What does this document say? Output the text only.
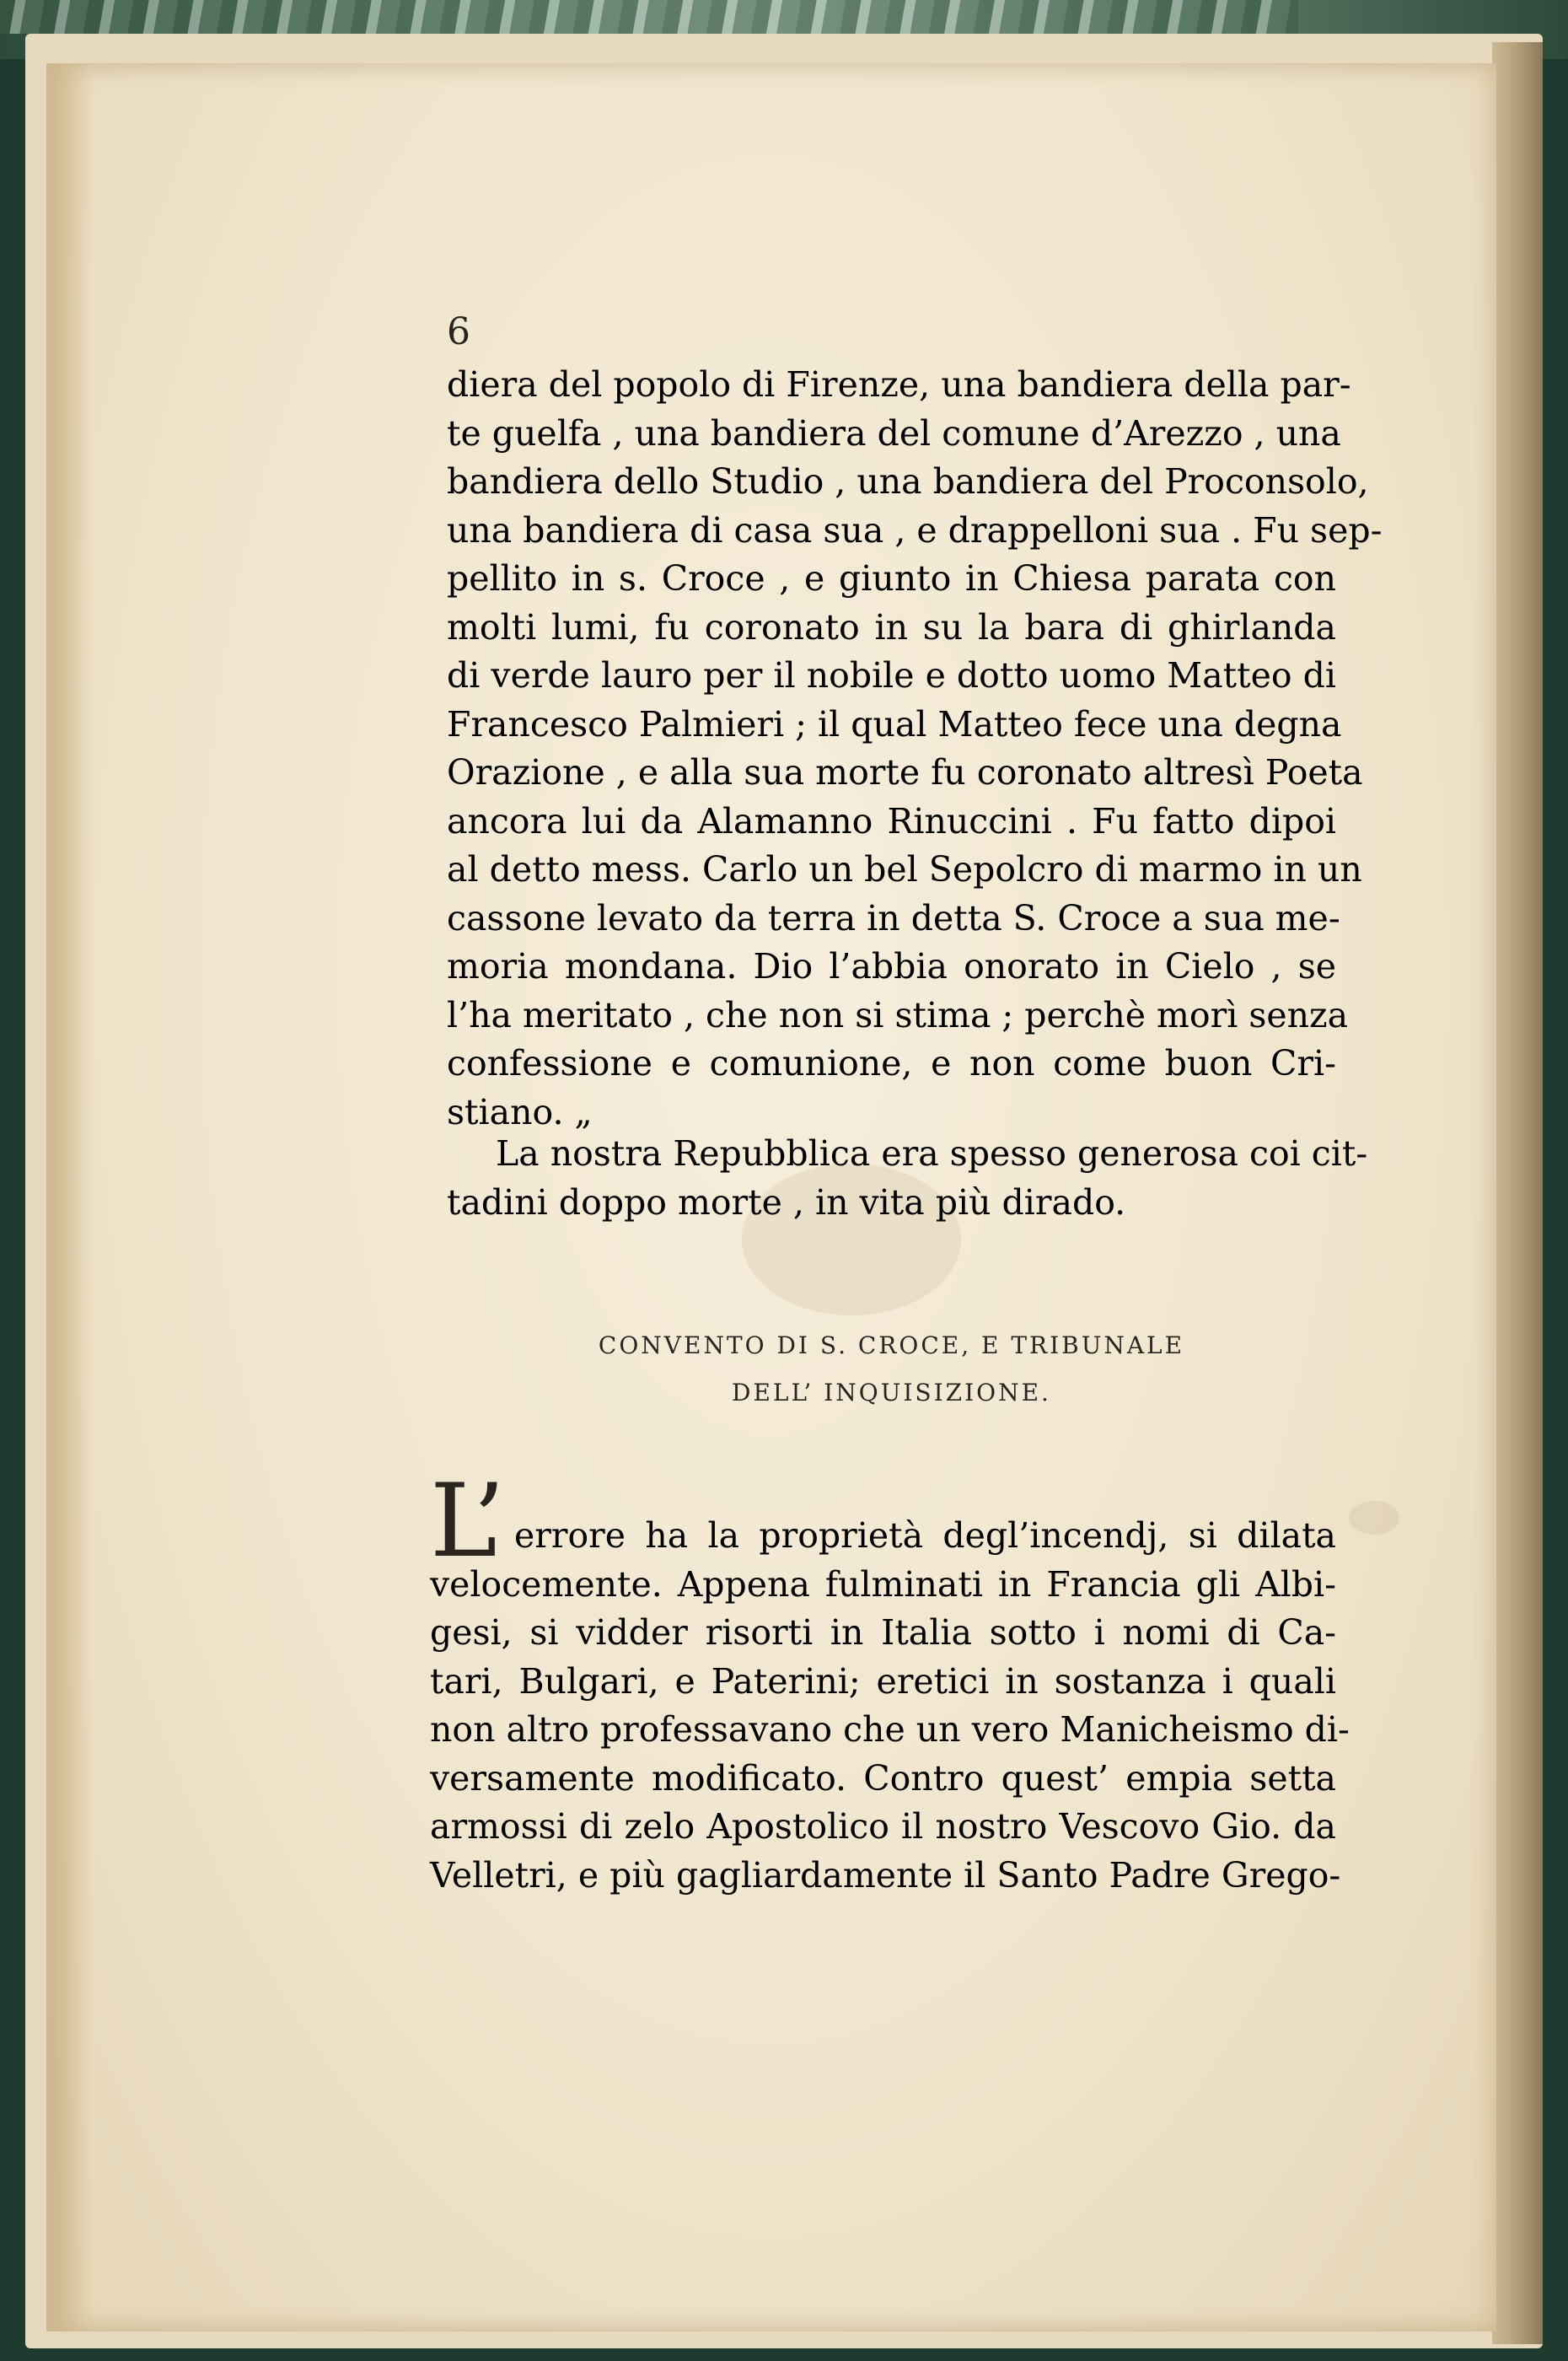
6
diera del popolo di Firenze, una bandiera della par-
te guelfa , una bandiera del comune d’Arezzo , una
bandiera dello Studio , una bandiera del Proconsolo,
una bandiera di casa sua , e drappelloni sua . Fu sep-
pellito in s. Croce , e giunto in Chiesa parata con
molti lumi, fu coronato in su la bara di ghirlanda
di verde lauro per il nobile e dotto uomo Matteo di
Francesco Palmieri ; il qual Matteo fece una degna
Orazione , e alla sua morte fu coronato altresì Poeta
ancora lui da Alamanno Rinuccini . Fu fatto dipoi
al detto mess. Carlo un bel Sepolcro di marmo in un
cassone levato da terra in detta S. Croce a sua me-
moria mondana. Dio l’abbia onorato in Cielo , se
l’ha meritato , che non si stima ; perchè morì senza
confessione e comunione, e non come buon Cri-
stiano. „
La nostra Repubblica era spesso generosa coi cit-
tadini doppo morte , in vita più dirado.
CONVENTO DI S. CROCE, E TRIBUNALE
DELL’ INQUISIZIONE.
L’ errore ha la proprietà degl’incendj, si dilata
velocemente. Appena fulminati in Francia gli Albi-
gesi, si vidder risorti in Italia sotto i nomi di Ca-
tari, Bulgari, e Paterini; eretici in sostanza i quali
non altro professavano che un vero Manicheismo di-
versamente modificato. Contro quest’ empia setta
armossi di zelo Apostolico il nostro Vescovo Gio. da
Velletri, e più gagliardamente il Santo Padre Grego-
